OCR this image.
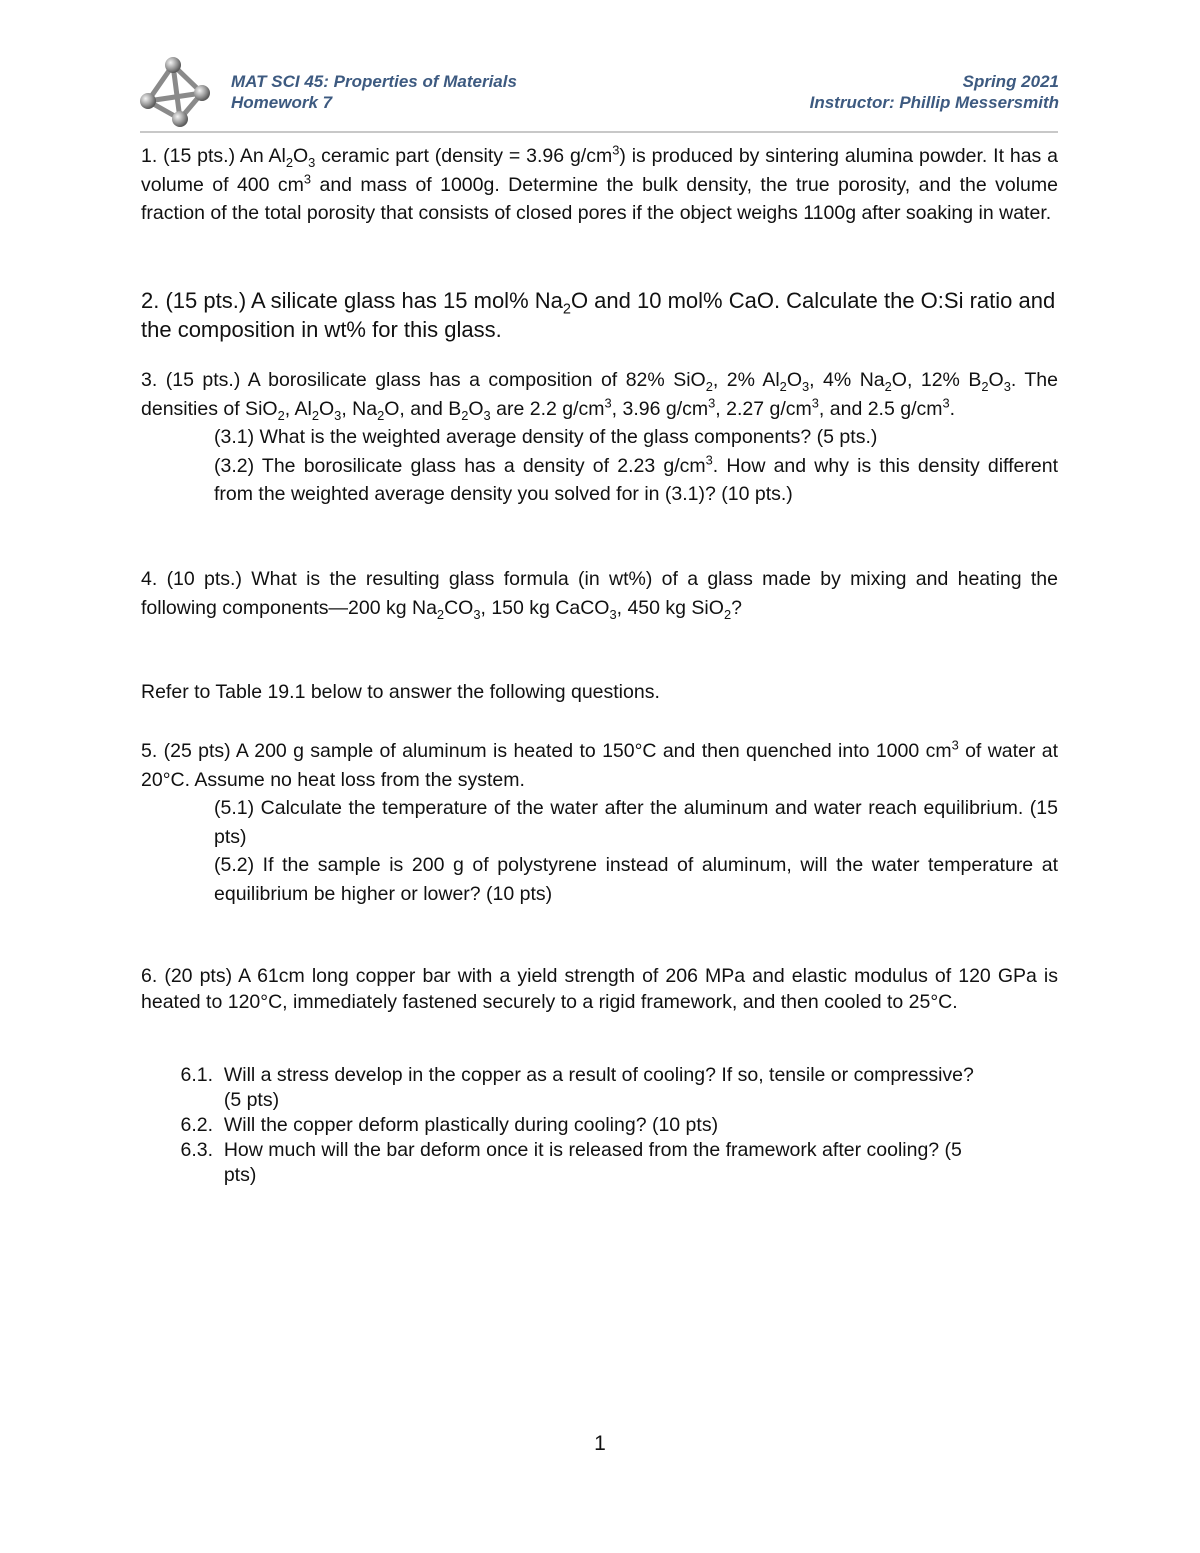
MAT SCI 45: Properties of Materials
Homework 7
Spring 2021
Instructor: Phillip Messersmith

1. (15 pts.) An $Al_2O_3$ ceramic part (density = 3.96 $g/cm^3$) is produced by sintering alumina powder. It has a volume of 400 $cm^3$ and mass of 1000g. Determine the bulk density, the true porosity, and the volume fraction of the total porosity that consists of closed pores if the object weighs 1100g after soaking in water.

2. (15 pts.) A silicate glass has 15 mol% $Na_2O$ and 10 mol% CaO. Calculate the O:Si ratio and the composition in wt% for this glass.

3. (15 pts.) A borosilicate glass has a composition of 82% SiO$_2$, 2% $Al_2O_3$, 4% $Na_2O$, 12% $B_2O_3$. The densities of SiO$_2$, $Al_2O_3$, $Na_2O$, and $B_2O_3$ are 2.2 $g/cm^3$, 3.96 $g/cm^3$, 2.27 $g/cm^3$, and 2.5 $g/cm^3$.

(3.1) What is the weighted average density of the glass components? (5 pts.)

(3.2) The borosilicate glass has a density of 2.23 $g/cm^3$. How and why is this density different from the weighted average density you solved for in (3.1)? (10 pts.)

4. (10 pts.) What is the resulting glass formula (in wt%) of a glass made by mixing and heating the following components—200 kg $Na_2CO_3$, 150 kg CaCO$_3$, 450 kg SiO$_2$?

Refer to Table 19.1 below to answer the following questions.

5. (25 pts) A 200 g sample of aluminum is heated to 150°C and then quenched into 1000 $cm^3$ of water at 20°C. Assume no heat loss from the system.

(5.1) Calculate the temperature of the water after the aluminum and water reach equilibrium. (15 pts)

(5.2) If the sample is 200 g of polystyrene instead of aluminum, will the water temperature at equilibrium be higher or lower? (10 pts)

6. (20 pts) A 61cm long copper bar with a yield strength of 206 MPa and elastic modulus of 120 GPa is heated to 120°C, immediately fastened securely to a rigid framework, and then cooled to 25°C.

6.1. Will a stress develop in the copper as a result of cooling? If so, tensile or compressive?
(5 pts)
6.2. Will the copper deform plastically during cooling? (10 pts)
6.3. How much will the bar deform once it is released from the framework after cooling? (5
pts)
1
